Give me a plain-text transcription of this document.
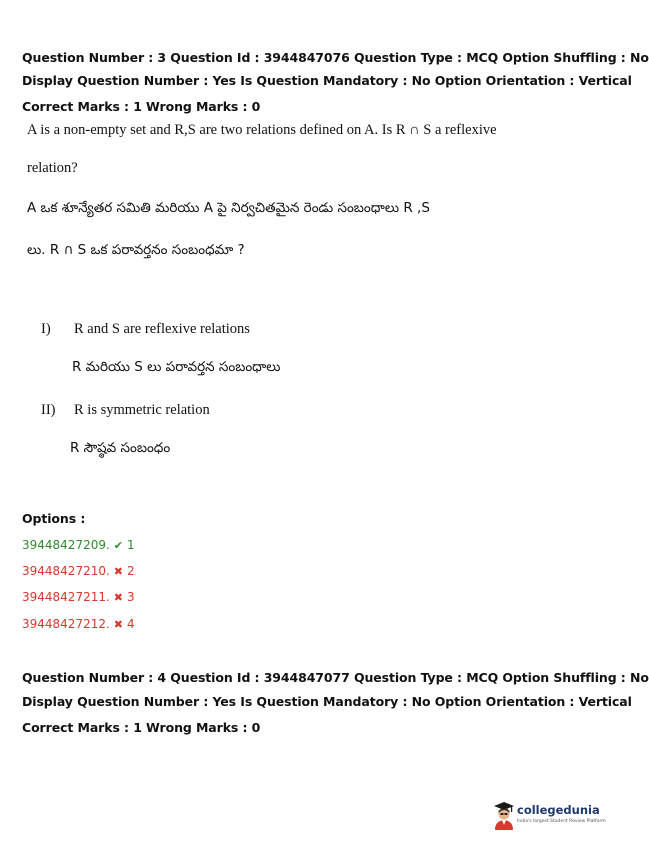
Question Number : 3 Question Id : 3944847076 Question Type : MCQ Option Shuffling : No
Display Question Number : Yes Is Question Mandatory : No Option Orientation : Vertical
Correct Marks : 1 Wrong Marks : 0
A is a non-empty set and R,S are two relations defined on A. Is R ∩ S a reflexive
relation?
A ఒక శూన్యేతర సమితి మరియు A పై నిర్వచితమైన రెండు సంబంధాలు R ,S
లు. R ∩ S ఒక పరావర్తనం సంబంధమా ?
I) R and S are reflexive relations
R మరియు S లు పరావర్తన సంబంధాలు
II) R is symmetric relation
R సౌష్ఠవ సంబంధం
Options :
39448427209. ✔ 1
39448427210. ✖ 2
39448427211. ✖ 3
39448427212. ✖ 4
Question Number : 4 Question Id : 3944847077 Question Type : MCQ Option Shuffling : No
Display Question Number : Yes Is Question Mandatory : No Option Orientation : Vertical
Correct Marks : 1 Wrong Marks : 0
collegedunia
India's largest Student Review Platform
